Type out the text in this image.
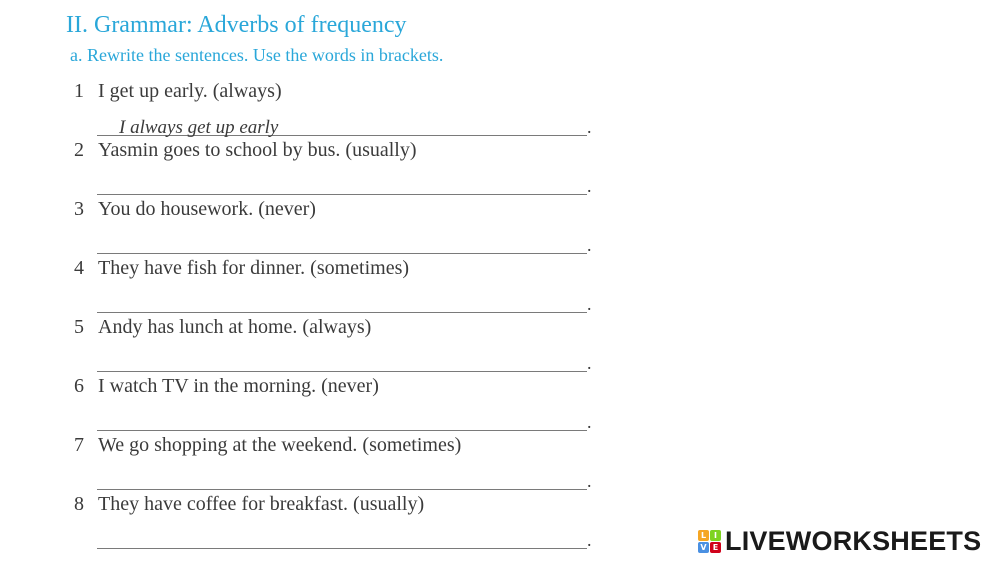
II. Grammar: Adverbs of frequency
a. Rewrite the sentences. Use the words in brackets.
1 I get up early. (always)
I always get up early	.
2 Yasmin goes to school by bus. (usually)
.
3 You do housework. (never)
.
4 They have fish for dinner. (sometimes)
.
5 Andy has lunch at home. (always)
.
6 I watch TV in the morning. (never)
.
7 We go shopping at the weekend. (sometimes)
.
8 They have coffee for breakfast. (usually)
.	L I
V E LIVEWORKSHEETS
